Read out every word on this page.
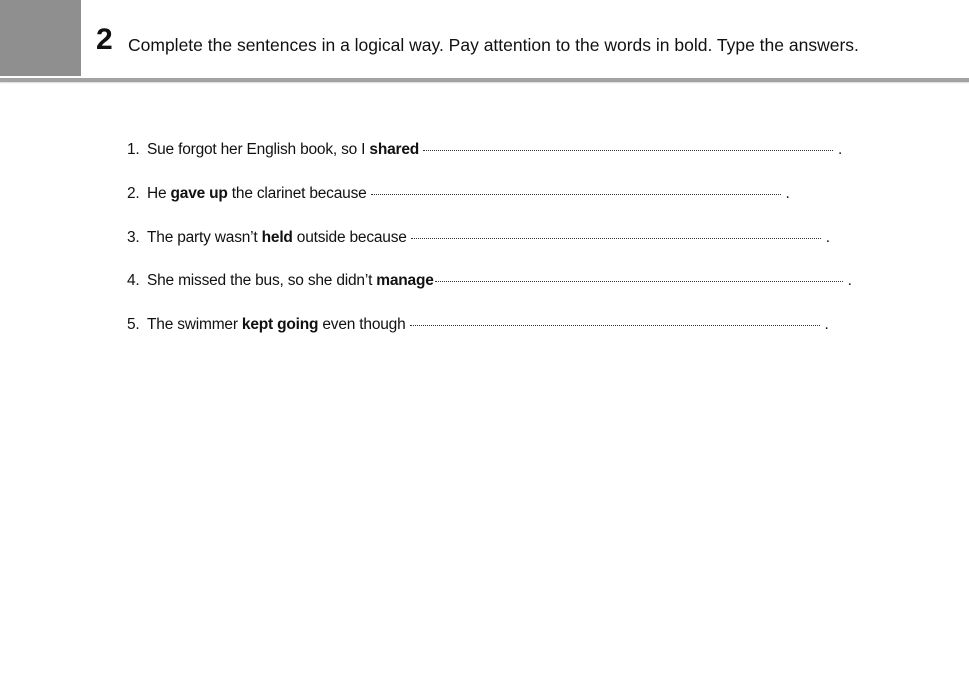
2 Complete the sentences in a logical way. Pay attention to the words in bold. Type the answers.
1. Sue forgot her English book, so I shared	.
2. He gave up the clarinet because	.
3. The party wasn’t held outside because	.
4. She missed the bus, so she didn’t manage	.
5. The swimmer kept going even though	.
